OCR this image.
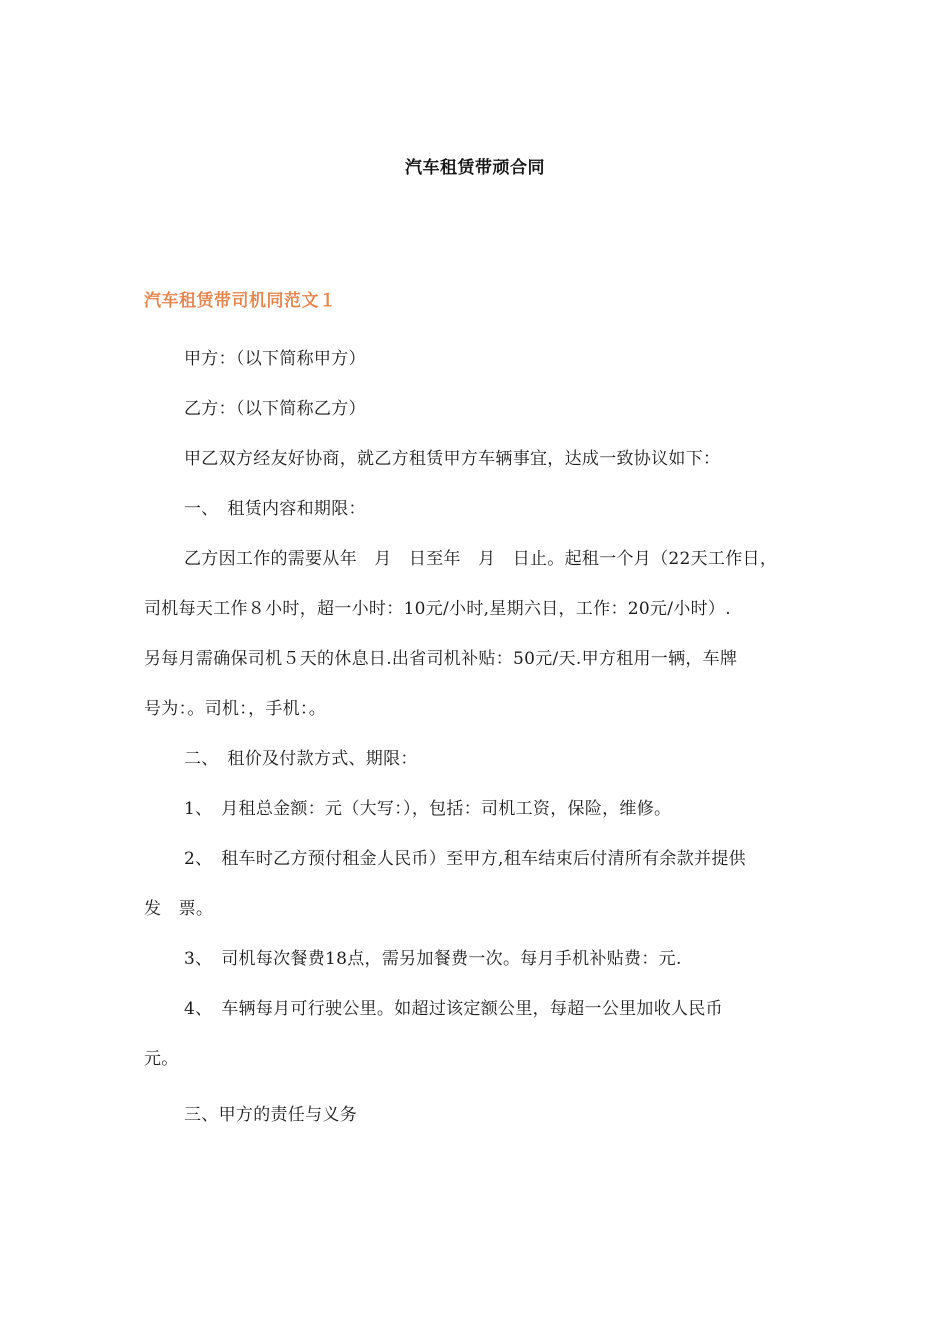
汽车租赁带顽合同
汽车租赁带司机同范文１
甲方：（以下简称甲方）
乙方：（以下简称乙方）
甲乙双方经友好协商，就乙方租赁甲方车辆事宜，达成一致协议如下：
一、　租赁内容和期限：
乙方因工作的需要从年　月　日至年　月　日止。起租一个月（22天工作日，
司机每天工作８小时，超一小时：10元/小时,星期六日，工作：20元/小时）.
另每月需确保司机５天的休息日.出省司机补贴：50元/天.甲方租用一辆，车牌
号为：。司机：，手机：。
二、　租价及付款方式、期限：
1、　月租总金额：元（大写：），包括：司机工资，保险，维修。
2、　租车时乙方预付租金人民币）至甲方,租车结束后付清所有余款并提供
发　票。
3、　司机每次餐费18点，需另加餐费一次。每月手机补贴费：元.
4、　车辆每月可行驶公里。如超过该定额公里，每超一公里加收人民币
元。
三、甲方的责任与义务
